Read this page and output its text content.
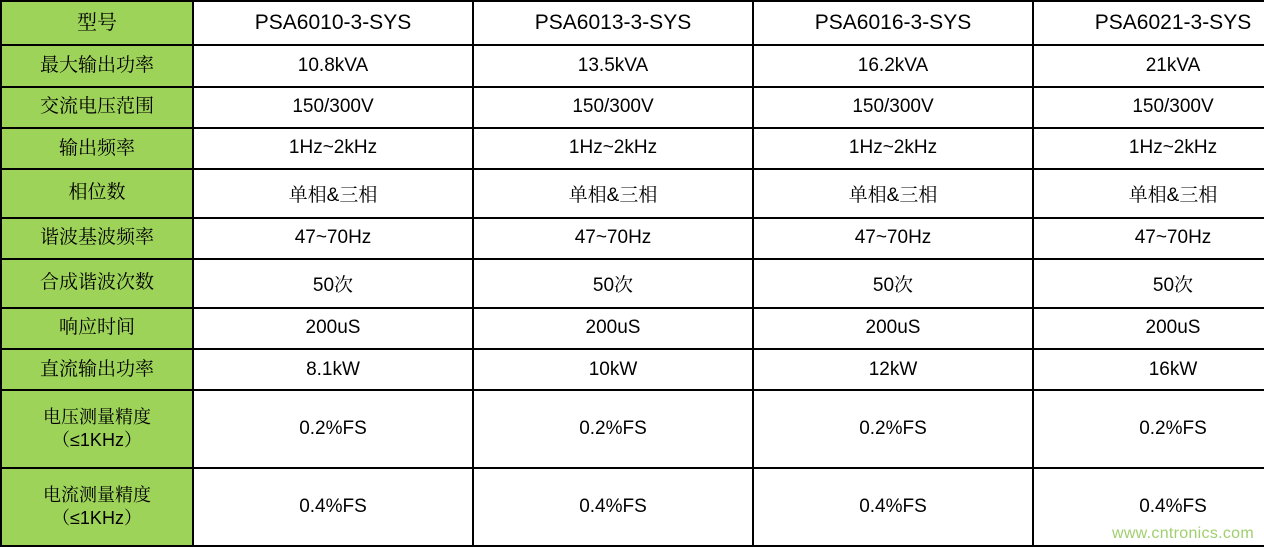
型号	PSA6010-3-SYS	PSA6013-3-SYS	PSA6016-3-SYS	PSA6021-3-SYS
最大输出功率	10.8kVA	13.5kVA	16.2kVA	21kVA
交流电压范围	150/300V	150/300V	150/300V	150/300V
输出频率	1Hz~2kHz	1Hz~2kHz	1Hz~2kHz	1Hz~2kHz
相位数	单相&三相	单相&三相	单相&三相	单相&三相
谐波基波频率	47~70Hz	47~70Hz	47~70Hz	47~70Hz
合成谐波次数	50次	50次	50次	50次
响应时间	200uS	200uS	200uS	200uS
直流输出功率	8.1kW	10kW	12kW	16kW

电压测量精度
（≤1KHz）	0.2%FS	0.2%FS	0.2%FS	0.2%FS

电流测量精度
（≤1KHz）	0.4%FS	0.4%FS	0.4%FS	0.4%FS
www.cntronics.com
